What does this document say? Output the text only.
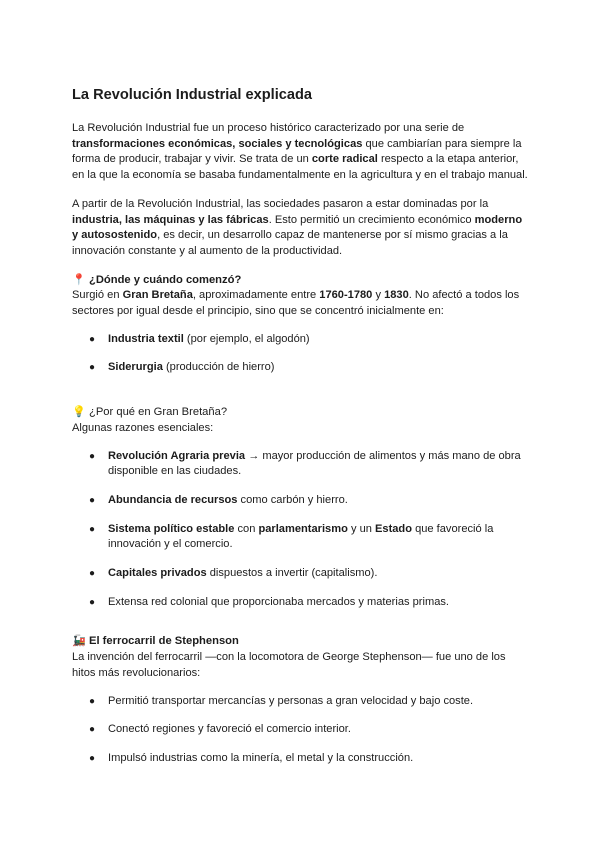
La Revolución Industrial explicada

La Revolución Industrial fue un proceso histórico caracterizado por una serie de transformaciones económicas, sociales y tecnológicas que cambiarían para siempre la forma de producir, trabajar y vivir. Se trata de un corte radical respecto a la etapa anterior, en la que la economía se basaba fundamentalmente en la agricultura y en el trabajo manual.

A partir de la Revolución Industrial, las sociedades pasaron a estar dominadas por la industria, las máquinas y las fábricas. Esto permitió un crecimiento económico moderno y autosostenido, es decir, un desarrollo capaz de mantenerse por sí mismo gracias a la innovación constante y al aumento de la productividad.

📍 ¿Dónde y cuándo comenzó?
Surgió en Gran Bretaña, aproximadamente entre 1760-1780 y 1830. No afectó a todos los sectores por igual desde el principio, sino que se concentró inicialmente en:
● Industria textil (por ejemplo, el algodón)
● Siderurgia (producción de hierro)
💡 ¿Por qué en Gran Bretaña?
Algunas razones esenciales:
● Revolución Agraria previa → mayor producción de alimentos y más mano de obra disponible en las ciudades.
● Abundancia de recursos como carbón y hierro.
● Sistema político estable con parlamentarismo y un Estado que favoreció la innovación y el comercio.
● Capitales privados dispuestos a invertir (capitalismo).
● Extensa red colonial que proporcionaba mercados y materias primas.
🚂 El ferrocarril de Stephenson
La invención del ferrocarril —con la locomotora de George Stephenson— fue uno de los hitos más revolucionarios:
● Permitió transportar mercancías y personas a gran velocidad y bajo coste.
● Conectó regiones y favoreció el comercio interior.
● Impulsó industrias como la minería, el metal y la construcción.
